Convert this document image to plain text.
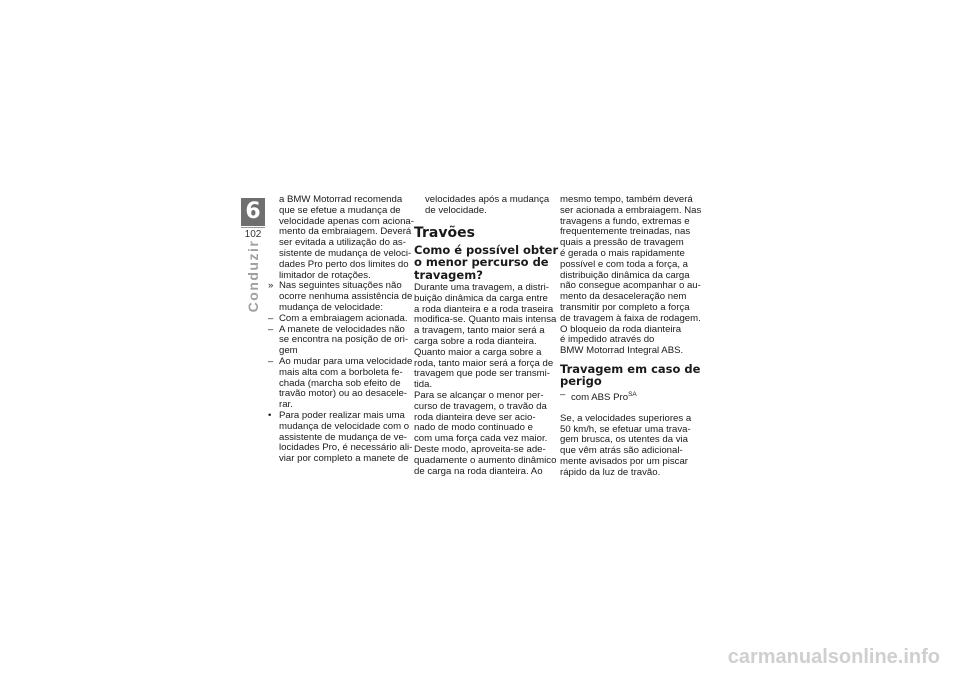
6
102
Conduzir
a BMW Motorrad recomenda
que se efetue a mudança de
velocidade apenas com aciona-
mento da embraiagem. Deverá
ser evitada a utilização do as-
sistente de mudança de veloci-
dades Pro perto dos limites do
limitador de rotações.
» Nas seguintes situações não
ocorre nenhuma assistência de
mudança de velocidade:
– Com a embraiagem acionada.
– A manete de velocidades não
se encontra na posição de ori-
gem
– Ao mudar para uma velocidade
mais alta com a borboleta fe-
chada (marcha sob efeito de
travão motor) ou ao desacele-
rar.
• Para poder realizar mais uma
mudança de velocidade com o
assistente de mudança de ve-
locidades Pro, é necessário ali-
viar por completo a manete de
velocidades após a mudança
de velocidade.
Travões
Como é possível obter
o menor percurso de
travagem?
Durante uma travagem, a distri-
buição dinâmica da carga entre
a roda dianteira e a roda traseira
modifica-se. Quanto mais intensa
a travagem, tanto maior será a
carga sobre a roda dianteira.
Quanto maior a carga sobre a
roda, tanto maior será a força de
travagem que pode ser transmi-
tida.
Para se alcançar o menor per-
curso de travagem, o travão da
roda dianteira deve ser acio-
nado de modo continuado e
com uma força cada vez maior.
Deste modo, aproveita-se ade-
quadamente o aumento dinâmico
de carga na roda dianteira. Ao
mesmo tempo, também deverá
ser acionada a embraiagem. Nas
travagens a fundo, extremas e
frequentemente treinadas, nas
quais a pressão de travagem
é gerada o mais rapidamente
possível e com toda a força, a
distribuição dinâmica da carga
não consegue acompanhar o au-
mento da desaceleração nem
transmitir por completo a força
de travagem à faixa de rodagem.
O bloqueio da roda dianteira
é impedido através do
BMW Motorrad Integral ABS.
Travagem em caso de
perigo
– com ABS Pro$^{SA}$
Se, a velocidades superiores a
50 km/h, se efetuar uma trava-
gem brusca, os utentes da via
que vêm atrás são adicional-
mente avisados por um piscar
rápido da luz de travão.
carmanualsonline.info
